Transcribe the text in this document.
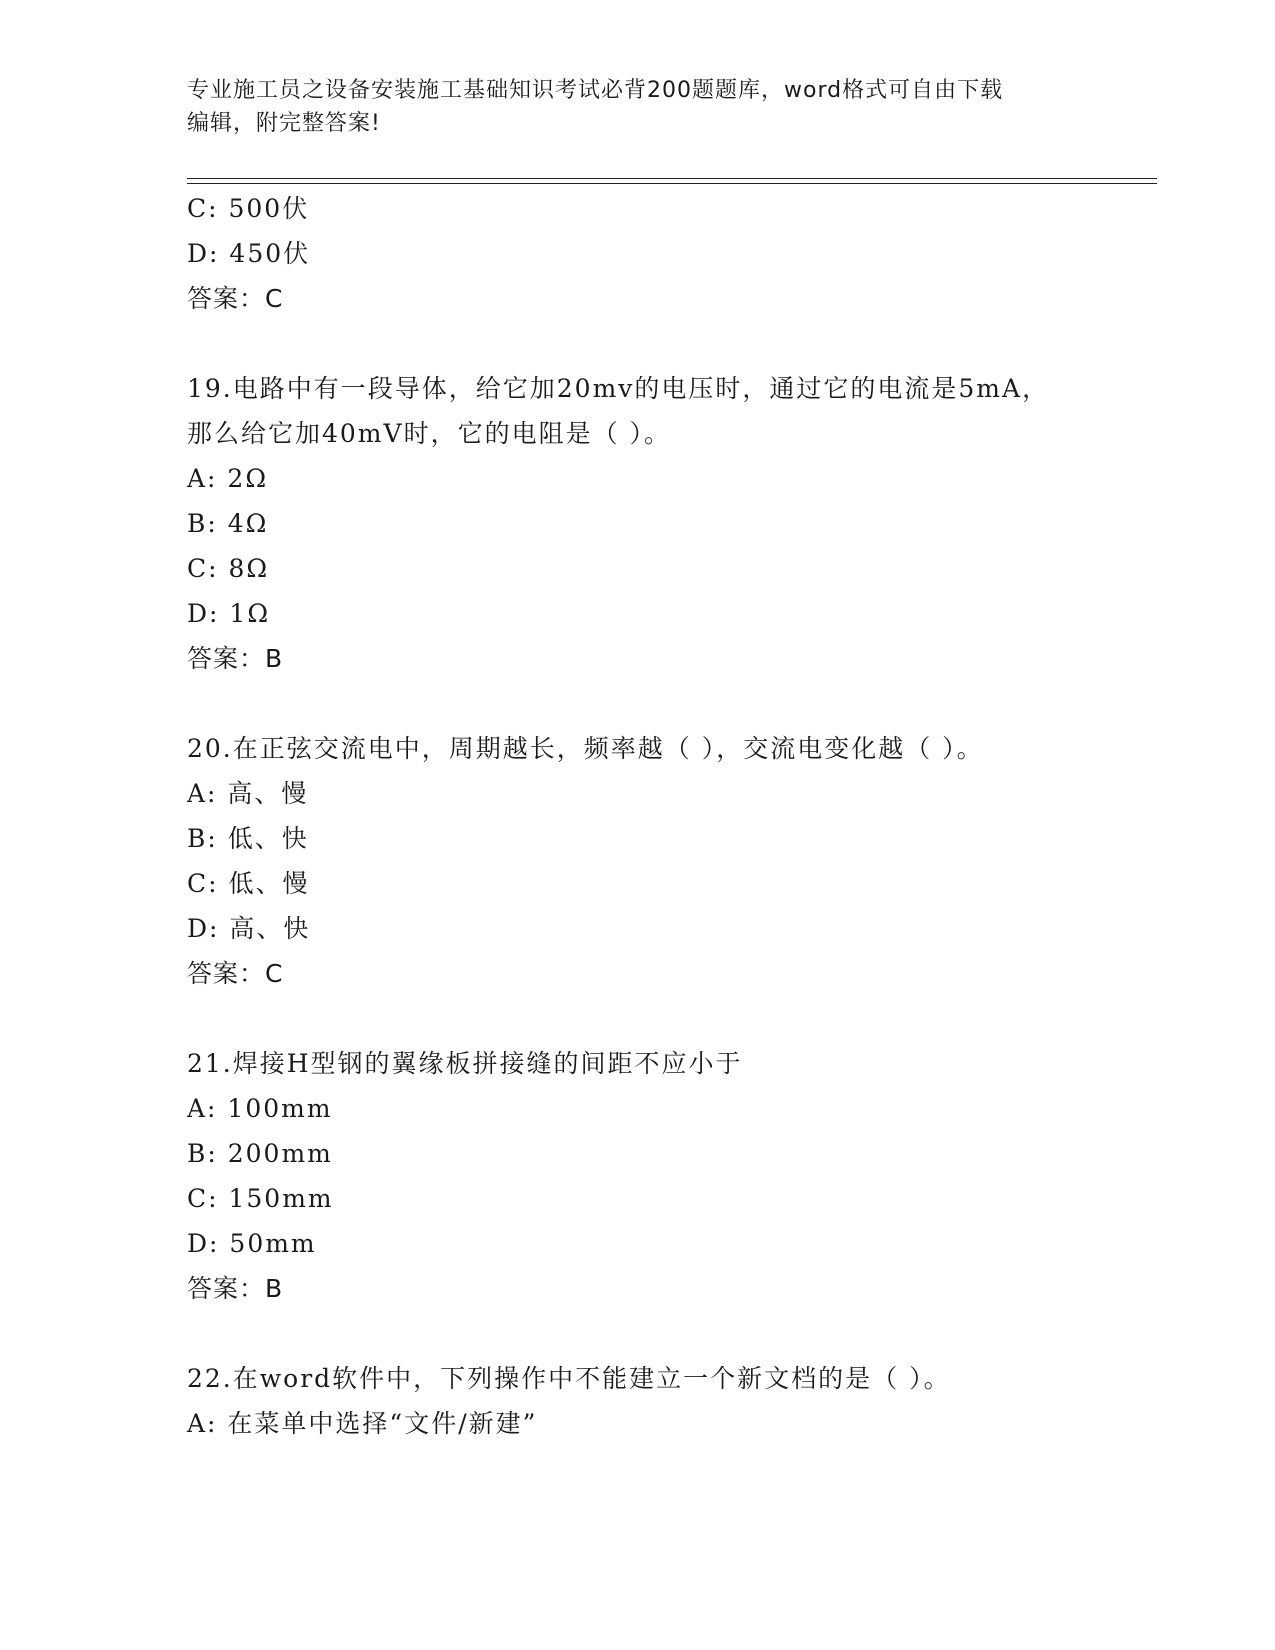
专业施工员之设备安装施工基础知识考试必背200题题库，word格式可自由下载
编辑，附完整答案!
C: 500伏
D: 450伏
答案：C
19.电路中有一段导体，给它加20mv的电压时，通过它的电流是5mA，
那么给它加40mV时，它的电阻是（ ）。
A: 2Ω
B: 4Ω
C: 8Ω
D: 1Ω
答案：B
20.在正弦交流电中，周期越长，频率越（ ），交流电变化越（ ）。
A: 高、慢
B: 低、快
C: 低、慢
D: 高、快
答案：C
21.焊接H型钢的翼缘板拼接缝的间距不应小于
A: 100mm
B: 200mm
C: 150mm
D: 50mm
答案：B
22.在word软件中，下列操作中不能建立一个新文档的是（ ）。
A: 在菜单中选择“文件/新建”
